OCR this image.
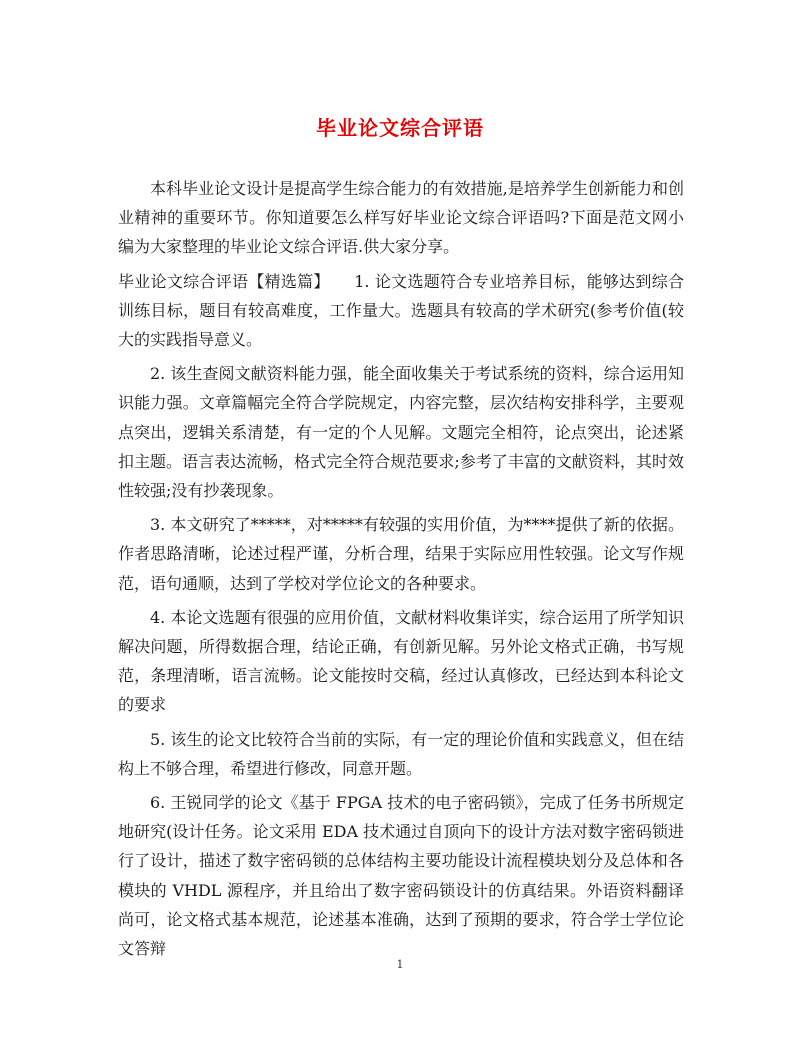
毕业论文综合评语

本科毕业论文设计是提高学生综合能力的有效措施,是培养学生创新能力和创业精神的重要环节。你知道要怎么样写好毕业论文综合评语吗?下面是范文网小编为大家整理的毕业论文综合评语.供大家分享。

毕业论文综合评语【精选篇】　　1. 论文选题符合专业培养目标，能够达到综合训练目标，题目有较高难度，工作量大。选题具有较高的学术研究(参考价值(较大的实践指导意义。

2. 该生查阅文献资料能力强，能全面收集关于考试系统的资料，综合运用知识能力强。文章篇幅完全符合学院规定，内容完整，层次结构安排科学，主要观点突出，逻辑关系清楚，有一定的个人见解。文题完全相符，论点突出，论述紧扣主题。语言表达流畅，格式完全符合规范要求;参考了丰富的文献资料，其时效性较强;没有抄袭现象。

3. 本文研究了*****，对*****有较强的实用价值，为****提供了新的依据。作者思路清晰，论述过程严谨，分析合理，结果于实际应用性较强。论文写作规范，语句通顺，达到了学校对学位论文的各种要求。

4. 本论文选题有很强的应用价值，文献材料收集详实，综合运用了所学知识解决问题，所得数据合理，结论正确，有创新见解。另外论文格式正确，书写规范，条理清晰，语言流畅。论文能按时交稿，经过认真修改，已经达到本科论文的要求

5. 该生的论文比较符合当前的实际，有一定的理论价值和实践意义，但在结构上不够合理，希望进行修改，同意开题。

6. 王锐同学的论文《基于 FPGA 技术的电子密码锁》，完成了任务书所规定地研究(设计任务。论文采用 EDA 技术通过自顶向下的设计方法对数字密码锁进行了设计，描述了数字密码锁的总体结构主要功能设计流程模块划分及总体和各模块的 VHDL 源程序，并且给出了数字密码锁设计的仿真结果。外语资料翻译尚可，论文格式基本规范，论述基本准确，达到了预期的要求，符合学士学位论文答辩

1
